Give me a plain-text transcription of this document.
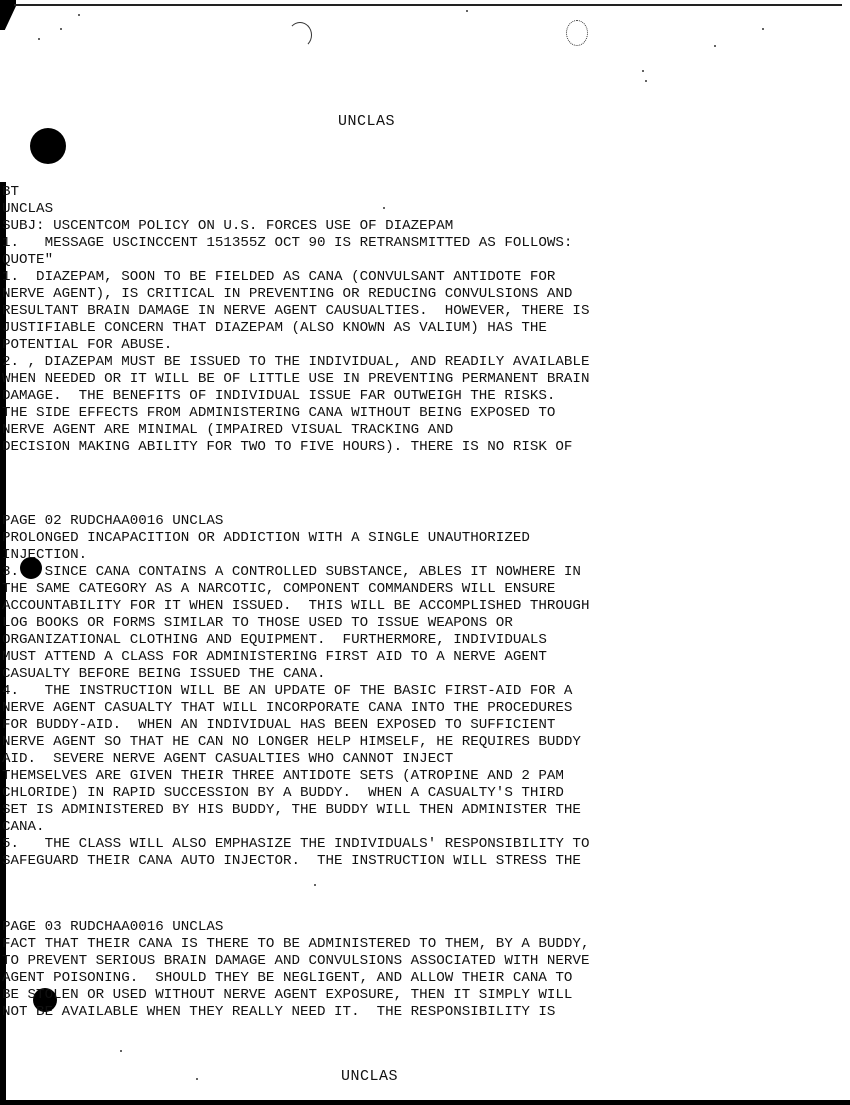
UNCLAS
BT
UNCLAS
SUBJ: USCENTCOM POLICY ON U.S. FORCES USE OF DIAZEPAM
1.   MESSAGE USCINCCENT 151355Z OCT 90 IS RETRANSMITTED AS FOLLOWS:
QUOTE"
1.  DIAZEPAM, SOON TO BE FIELDED AS CANA (CONVULSANT ANTIDOTE FOR
NERVE AGENT), IS CRITICAL IN PREVENTING OR REDUCING CONVULSIONS AND
RESULTANT BRAIN DAMAGE IN NERVE AGENT CAUSUALTIES.  HOWEVER, THERE IS
JUSTIFIABLE CONCERN THAT DIAZEPAM (ALSO KNOWN AS VALIUM) HAS THE
POTENTIAL FOR ABUSE.
2. , DIAZEPAM MUST BE ISSUED TO THE INDIVIDUAL, AND READILY AVAILABLE
WHEN NEEDED OR IT WILL BE OF LITTLE USE IN PREVENTING PERMANENT BRAIN
DAMAGE.  THE BENEFITS OF INDIVIDUAL ISSUE FAR OUTWEIGH THE RISKS.
THE SIDE EFFECTS FROM ADMINISTERING CANA WITHOUT BEING EXPOSED TO
NERVE AGENT ARE MINIMAL (IMPAIRED VISUAL TRACKING AND
DECISION MAKING ABILITY FOR TWO TO FIVE HOURS). THERE IS NO RISK OF
PAGE 02 RUDCHAA0016 UNCLAS
PROLONGED INCAPACITION OR ADDICTION WITH A SINGLE UNAUTHORIZED
INJECTION.
3.   SINCE CANA CONTAINS A CONTROLLED SUBSTANCE, ABLES IT NOWHERE IN
THE SAME CATEGORY AS A NARCOTIC, COMPONENT COMMANDERS WILL ENSURE
ACCOUNTABILITY FOR IT WHEN ISSUED.  THIS WILL BE ACCOMPLISHED THROUGH
LOG BOOKS OR FORMS SIMILAR TO THOSE USED TO ISSUE WEAPONS OR
ORGANIZATIONAL CLOTHING AND EQUIPMENT.  FURTHERMORE, INDIVIDUALS
MUST ATTEND A CLASS FOR ADMINISTERING FIRST AID TO A NERVE AGENT
CASUALTY BEFORE BEING ISSUED THE CANA.
4.   THE INSTRUCTION WILL BE AN UPDATE OF THE BASIC FIRST-AID FOR A
NERVE AGENT CASUALTY THAT WILL INCORPORATE CANA INTO THE PROCEDURES
FOR BUDDY-AID.  WHEN AN INDIVIDUAL HAS BEEN EXPOSED TO SUFFICIENT
NERVE AGENT SO THAT HE CAN NO LONGER HELP HIMSELF, HE REQUIRES BUDDY
AID.  SEVERE NERVE AGENT CASUALTIES WHO CANNOT INJECT
THEMSELVES ARE GIVEN THEIR THREE ANTIDOTE SETS (ATROPINE AND 2 PAM
CHLORIDE) IN RAPID SUCCESSION BY A BUDDY.  WHEN A CASUALTY'S THIRD
SET IS ADMINISTERED BY HIS BUDDY, THE BUDDY WILL THEN ADMINISTER THE
CANA.
5.   THE CLASS WILL ALSO EMPHASIZE THE INDIVIDUALS' RESPONSIBILITY TO
SAFEGUARD THEIR CANA AUTO INJECTOR.  THE INSTRUCTION WILL STRESS THE
PAGE 03 RUDCHAA0016 UNCLAS
FACT THAT THEIR CANA IS THERE TO BE ADMINISTERED TO THEM, BY A BUDDY,
TO PREVENT SERIOUS BRAIN DAMAGE AND CONVULSIONS ASSOCIATED WITH NERVE
AGENT POISONING.  SHOULD THEY BE NEGLIGENT, AND ALLOW THEIR CANA TO
BE STOLEN OR USED WITHOUT NERVE AGENT EXPOSURE, THEN IT SIMPLY WILL
NOT BE AVAILABLE WHEN THEY REALLY NEED IT.  THE RESPONSIBILITY IS
UNCLAS
